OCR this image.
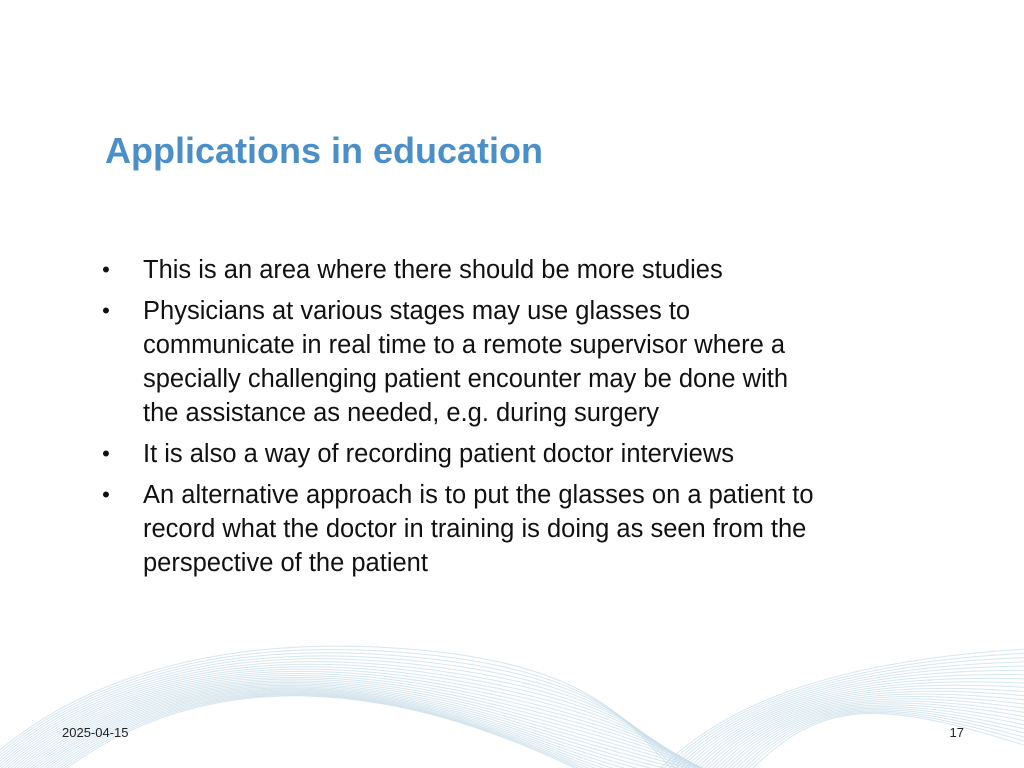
Applications in education
• This is an area where there should be more studies
• Physicians at various stages may use glasses to communicate in real time to a remote supervisor where a specially challenging patient encounter may be done with the assistance as needed, e.g. during surgery
• It is also a way of recording patient doctor interviews
• An alternative approach is to put the glasses on a patient to record what the doctor in training is doing as seen from the perspective of the patient
2025-04-15	17
